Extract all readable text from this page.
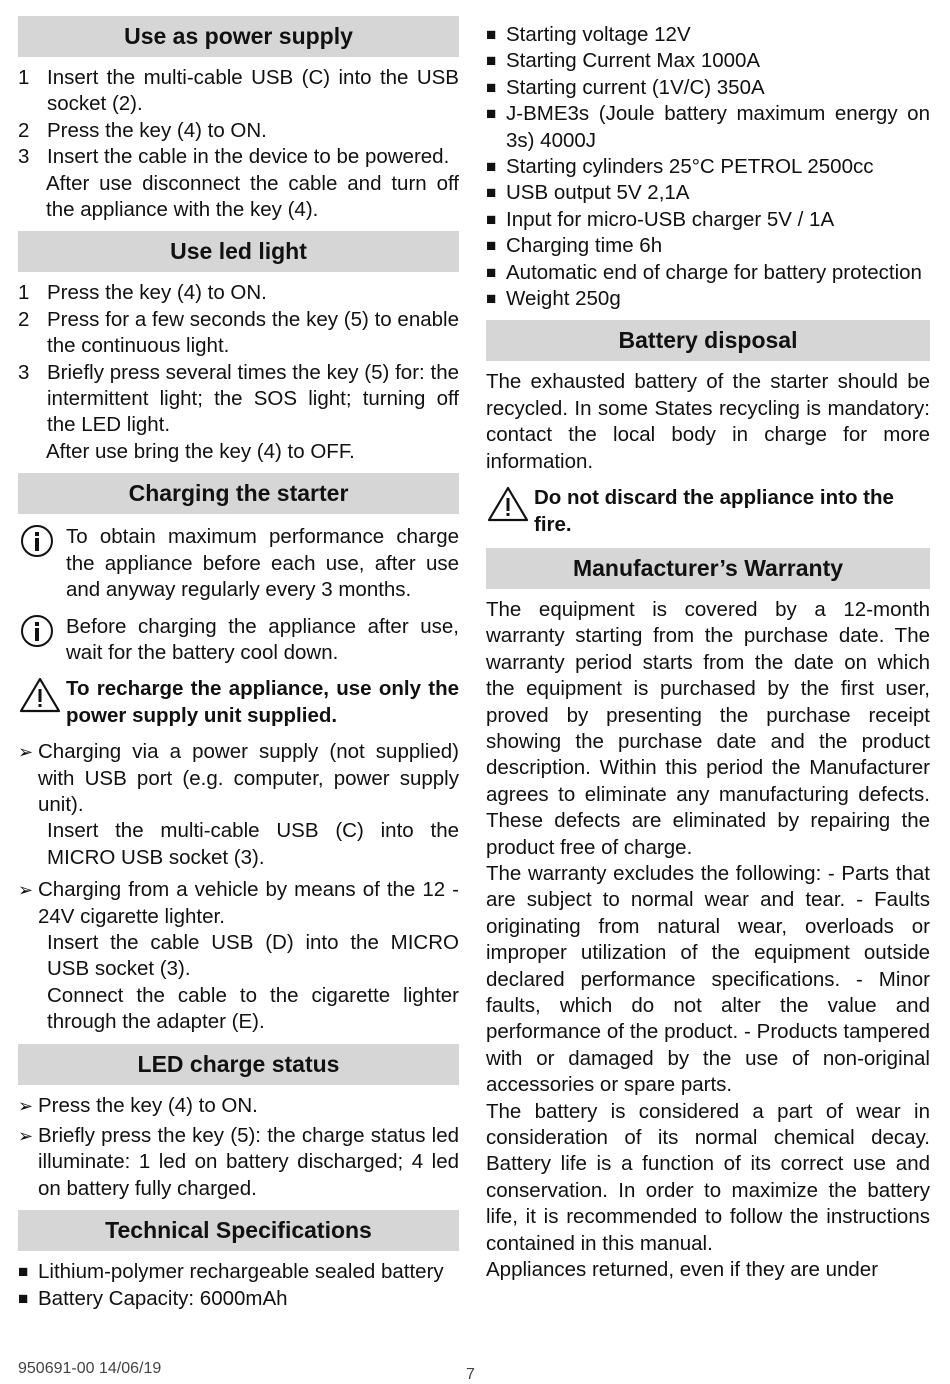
Use as power supply
1 Insert the multi-cable USB (C) into the USB socket (2).
2 Press the key (4) to ON.
3 Insert the cable in the device to be powered.
After use disconnect the cable and turn off the appliance with the key (4).
Use led light
1 Press the key (4) to ON.
2 Press for a few seconds the key (5) to enable the continuous light.
3 Briefly press several times the key (5) for: the intermittent light; the SOS light; turning off the LED light.
After use bring the key (4) to OFF.
Charging the starter
To obtain maximum performance charge the appliance before each use, after use and anyway regularly every 3 months.
Before charging the appliance after use, wait for the battery cool down.
To recharge the appliance, use only the power supply unit supplied.
➢ Charging via a power supply (not supplied) with USB port (e.g. computer, power supply unit).
Insert the multi-cable USB (C) into the MICRO USB socket (3).
➢ Charging from a vehicle by means of the 12 - 24V cigarette lighter.
Insert the cable USB (D) into the MICRO USB socket (3).
Connect the cable to the cigarette lighter through the adapter (E).
LED charge status
➢ Press the key (4) to ON.
➢ Briefly press the key (5): the charge status led illuminate: 1 led on battery discharged; 4 led on battery fully charged.
Technical Specifications
■ Lithium-polymer rechargeable sealed battery
■ Battery Capacity: 6000mAh
■ Starting voltage 12V
■ Starting Current Max 1000A
■ Starting current (1V/C) 350A
■ J-BME3s (Joule battery maximum energy on 3s) 4000J
■ Starting cylinders 25°C PETROL 2500cc
■ USB output 5V 2,1A
■ Input for micro-USB charger 5V / 1A
■ Charging time 6h
■ Automatic end of charge for battery protection
■ Weight 250g
Battery disposal
The exhausted battery of the starter should be recycled. In some States recycling is mandatory: contact the local body in charge for more information.
Do not discard the appliance into the fire.
Manufacturer’s Warranty
The equipment is covered by a 12-month warranty starting from the purchase date. The warranty period starts from the date on which the equipment is purchased by the first user, proved by presenting the purchase receipt showing the purchase date and the product description. Within this period the Manufacturer agrees to eliminate any manufacturing defects. These defects are eliminated by repairing the product free of charge.
The warranty excludes the following: - Parts that are subject to normal wear and tear. - Faults originating from natural wear, overloads or improper utilization of the equipment outside declared performance specifications. - Minor faults, which do not alter the value and performance of the product. - Products tampered with or damaged by the use of non-original accessories or spare parts.
The battery is considered a part of wear in consideration of its normal chemical decay. Battery life is a function of its correct use and conservation. In order to maximize the battery life, it is recommended to follow the instructions contained in this manual.
Appliances returned, even if they are under
950691-00 14/06/19	7
